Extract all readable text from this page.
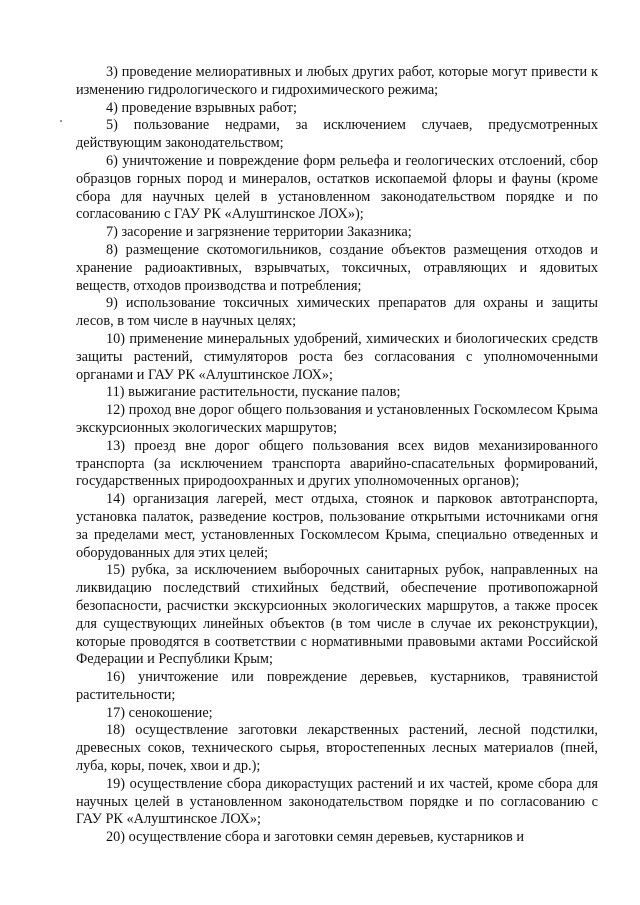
3) проведение мелиоративных и любых других работ, которые могут привести к изменению гидрологического и гидрохимического режима;

4) проведение взрывных работ;

5) пользование недрами, за исключением случаев, предусмотренных действующим законодательством;

6) уничтожение и повреждение форм рельефа и геологических отслоений, сбор образцов горных пород и минералов, остатков ископаемой флоры и фауны (кроме сбора для научных целей в установленном законодательством порядке и по согласованию с ГАУ РК «Алуштинское ЛОХ»);

7) засорение и загрязнение территории Заказника;

8) размещение скотомогильников, создание объектов размещения отходов и хранение радиоактивных, взрывчатых, токсичных, отравляющих и ядовитых веществ, отходов производства и потребления;

9) использование токсичных химических препаратов для охраны и защиты лесов, в том числе в научных целях;

10) применение минеральных удобрений, химических и биологических средств защиты растений, стимуляторов роста без согласования с уполномоченными органами и ГАУ РК «Алуштинское ЛОХ»;

11) выжигание растительности, пускание палов;

12) проход вне дорог общего пользования и установленных Госкомлесом Крыма экскурсионных экологических маршрутов;

13) проезд вне дорог общего пользования всех видов механизированного транспорта (за исключением транспорта аварийно-спасательных формирований, государственных природоохранных и других уполномоченных органов);

14) организация лагерей, мест отдыха, стоянок и парковок автотранспорта, установка палаток, разведение костров, пользование открытыми источниками огня за пределами мест, установленных Госкомлесом Крыма, специально отведенных и оборудованных для этих целей;

15) рубка, за исключением выборочных санитарных рубок, направленных на ликвидацию последствий стихийных бедствий, обеспечение противопожарной безопасности, расчистки экскурсионных экологических маршрутов, а также просек для существующих линейных объектов (в том числе в случае их реконструкции), которые проводятся в соответствии с нормативными правовыми актами Российской Федерации и Республики Крым;

16) уничтожение или повреждение деревьев, кустарников, травянистой растительности;

17) сенокошение;

18) осуществление заготовки лекарственных растений, лесной подстилки, древесных соков, технического сырья, второстепенных лесных материалов (пней, луба, коры, почек, хвои и др.);

19) осуществление сбора дикорастущих растений и их частей, кроме сбора для научных целей в установленном законодательством порядке и по согласованию с ГАУ РК «Алуштинское ЛОХ»;

20) осуществление сбора и заготовки семян деревьев, кустарников и
